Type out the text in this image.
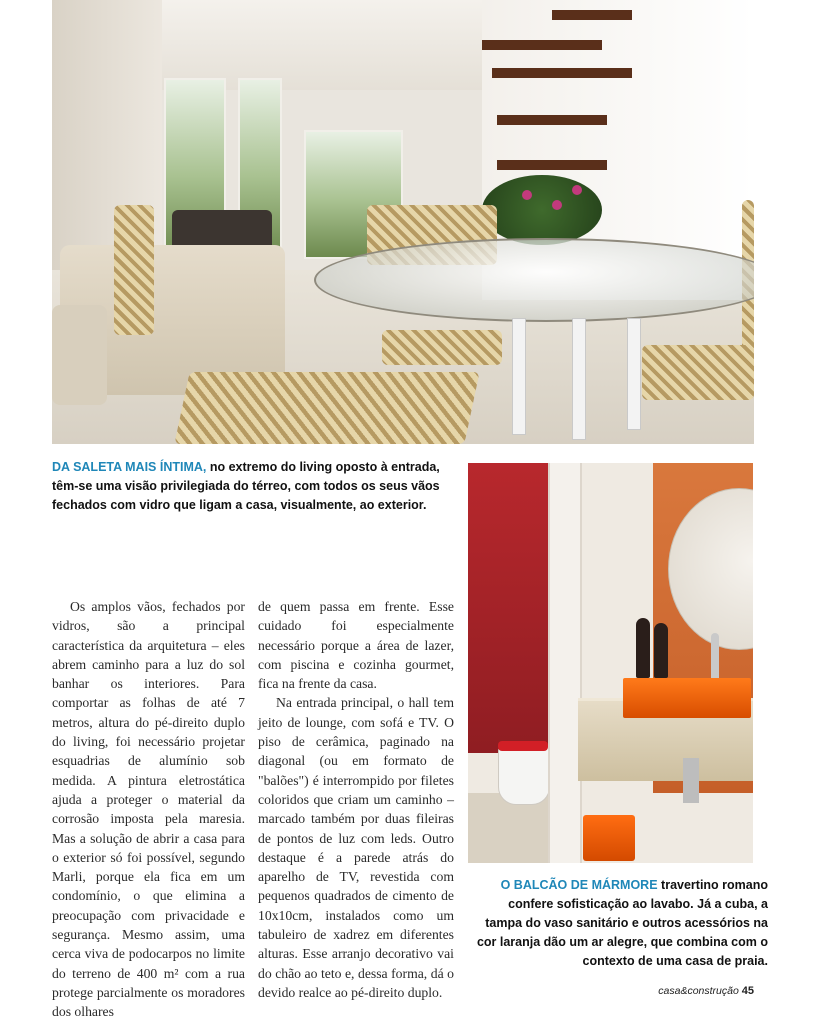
DA SALETA MAIS ÍNTIMA, no extremo do living oposto à entrada, têm-se uma visão privilegiada do térreo, com todos os seus vãos fechados com vidro que ligam a casa, visualmente, ao exterior.

Os amplos vãos, fechados por vidros, são a principal característica da arquitetura – eles abrem caminho para a luz do sol banhar os interiores. Para comportar as folhas de até 7 metros, altura do pé-direito duplo do living, foi necessário projetar esquadrias de alumínio sob medida. A pintura eletrostática ajuda a proteger o material da corrosão imposta pela maresia. Mas a solução de abrir a casa para o exterior só foi possível, segundo Marli, porque ela fica em um condomínio, o que elimina a preocupação com privacidade e segurança. Mesmo assim, uma cerca viva de podocarpos no limite do terreno de 400 m² com a rua protege parcialmente os moradores dos olhares

de quem passa em frente. Esse cuidado foi especialmente necessário porque a área de lazer, com piscina e cozinha gourmet, fica na frente da casa.

Na entrada principal, o hall tem jeito de lounge, com sofá e TV. O piso de cerâmica, paginado na diagonal (ou em formato de "balões") é interrompido por filetes coloridos que criam um caminho – marcado também por duas fileiras de pontos de luz com leds. Outro destaque é a parede atrás do aparelho de TV, revestida com pequenos quadrados de cimento de 10x10cm, instalados como um tabuleiro de xadrez em diferentes alturas. Esse arranjo decorativo vai do chão ao teto e, dessa forma, dá o devido realce ao pé-direito duplo.

O BALCÃO DE MÁRMORE travertino romano confere sofisticação ao lavabo. Já a cuba, a tampa do vaso sanitário e outros acessórios na cor laranja dão um ar alegre, que combina com o contexto de uma casa de praia.
casa&construção 45
